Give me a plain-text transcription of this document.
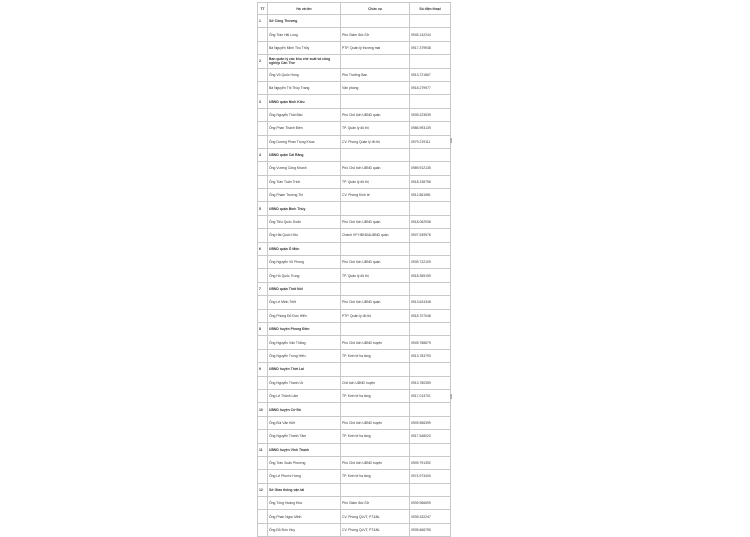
TT	Họ và tên	Chức vụ	Số điện thoại
1	Sở Công Thương		
	Ông Trần Hải Long	Phó Giám đốc Sở	0945.142244
	Bà Nguyễn Minh Thu Thủy	PTP. Quản lý thương mại	0917.379938
2	Ban quản lý các khu chế xuất và công nghiệp Cần Thơ		
	Ông Võ Quốc Hùng	Phó Trưởng Ban	0913.721867
	Bà Nguyễn Thị Thùy Trang	Văn phòng	0918.279977
3	UBND quận Ninh Kiều		
	Ông Nguyễn Thái Bảo	Phó Chủ tịch UBND quận	0939.223539
	Ông Phan Thanh Điền	TP. Quản lý đô thị	0986.993139
	Ông Dương Phan Trọng Khoa	CV. Phòng Quản lý đô thị	0979.219111
4	UBND quận Cái Răng		
	Ông Vương Công Khanh	Phó Chủ tịch UBND quận	0989.912135
	Ông Trần Tuấn Trình	TP. Quản lý đô thị	0918.238796
	Ông Phạm Trường Thi	CV. Phòng Kinh tế	0912.861981
5	UBND quận Bình Thủy		
	Ông Tiêu Quốc Doãn	Phó Chủ tịch UBND quận	0918.062938
	Ông Hải Quốc Hữu	Chánh VP HĐND&UBND quận	0907.539976
6	UBND quận Ô Môn		
	Ông Nguyễn Vũ Phong	Phó Chủ tịch UBND quận	0939.722109
	Ông Hồ Quốc Trung	TP. Quản lý đô thị	0918.359199
7	UBND quận Thốt Nốt		
	Ông Lê Minh Triết	Phó Chủ tịch UBND quận	0913.624348
	Ông Phùng Đỗ Đức Hiển	PTP. Quản lý đô thị	0918.707048
8	UBND huyện Phong Điền		
	Ông Nguyễn Văn Thắng	Phó Chủ tịch UBND huyện	0949.788879
	Ông Nguyễn Trung Hiếu	TP. Kinh tế hạ tầng	0913.783793
9	UBND huyện Thới Lai		
	Ông Nguyễn Thanh Út	Chủ tịch UBND huyện	0913.780359
	Ông Lê Thành Lâm	TP. Kinh tế hạ tầng	0917.013701
10	UBND huyện Cờ Đỏ		
	Ông Bùi Văn Kiệt	Phó Chủ tịch UBND huyện	0909.556399
	Ông Nguyễn Thanh Tâm	TP. Kinh tế hạ tầng	0917.548020
11	UBND huyện Vĩnh Thạnh		
	Ông Trần Xuân Phương	Phó Chủ tịch UBND huyện	0909.791392
	Ông Lê Phước Hưng	TP. Kinh tế hạ tầng	0974.973400
12	Sở Giao thông vận tải		
	Ông Tống Hoàng Kha	Phó Giám đốc Sở	0939.966699
	Ông Phan Ngọc Minh	CV. Phòng QLVT, PT&NL	0939.332247
	Ông Đỗ Đức Huy	CV. Phòng QLVT, PT&NL	0939.666795
